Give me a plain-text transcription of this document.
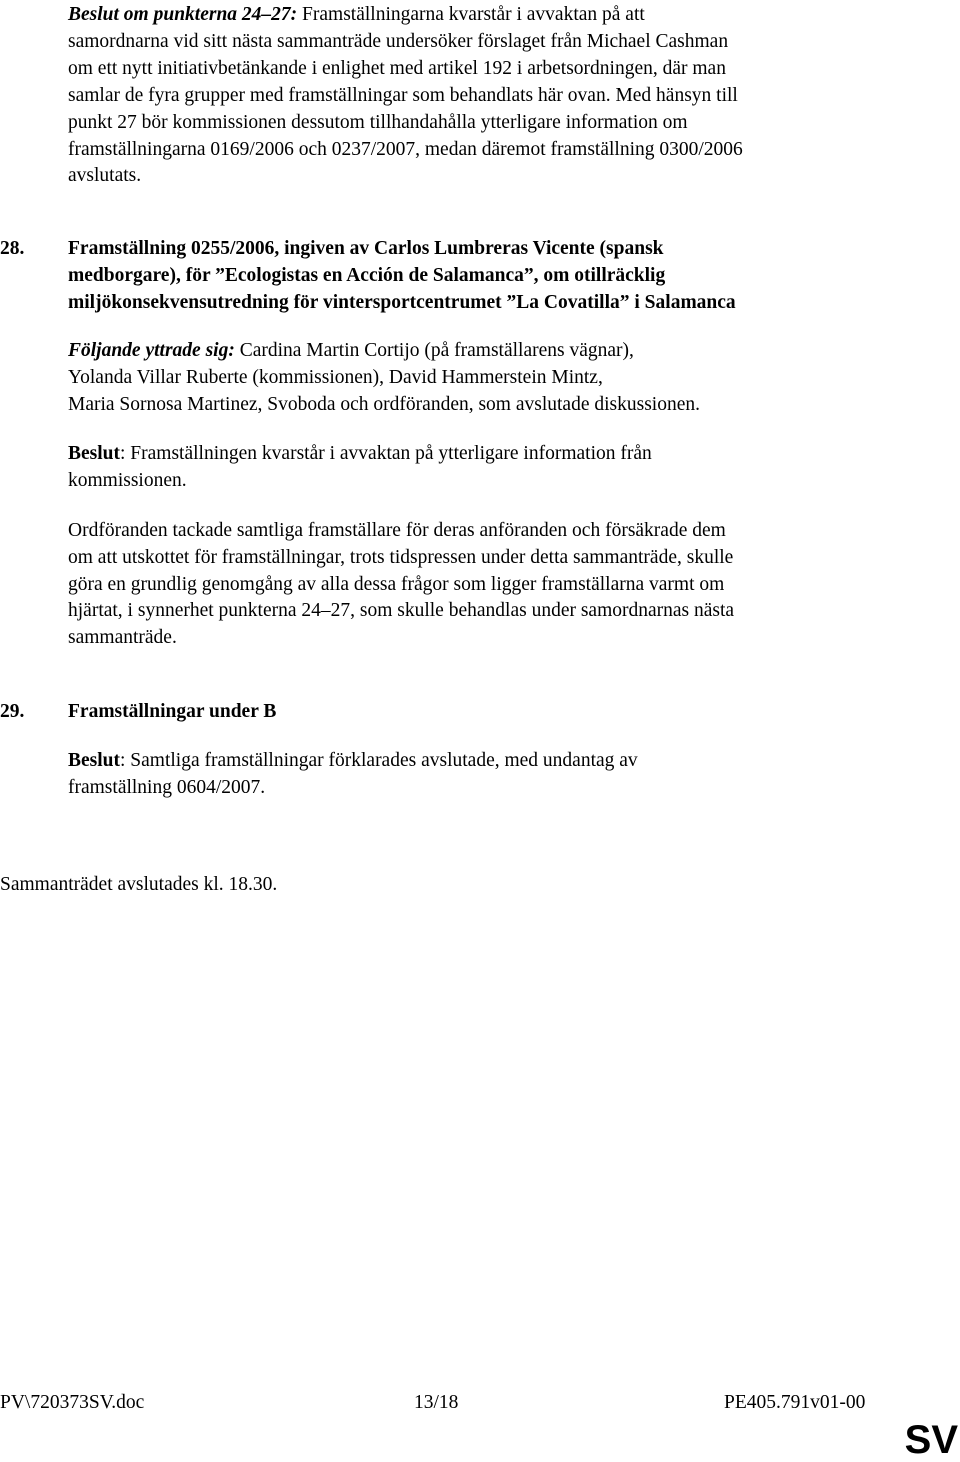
Beslut om punkterna 24–27: Framställningarna kvarstår i avvaktan på att
samordnarna vid sitt nästa sammanträde undersöker förslaget från Michael Cashman
om ett nytt initiativbetänkande i enlighet med artikel 192 i arbetsordningen, där man
samlar de fyra grupper med framställningar som behandlats här ovan. Med hänsyn till
punkt 27 bör kommissionen dessutom tillhandahålla ytterligare information om
framställningarna 0169/2006 och 0237/2007, medan däremot framställning 0300/2006
avslutats.
28. Framställning 0255/2006, ingiven av Carlos Lumbreras Vicente (spansk
medborgare), för ”Ecologistas en Acción de Salamanca”, om otillräcklig
miljökonsekvensutredning för vintersportcentrumet ”La Covatilla” i Salamanca
Följande yttrade sig: Cardina Martin Cortijo (på framställarens vägnar),
Yolanda Villar Ruberte (kommissionen), David Hammerstein Mintz,
Maria Sornosa Martinez, Svoboda och ordföranden, som avslutade diskussionen.
Beslut: Framställningen kvarstår i avvaktan på ytterligare information från
kommissionen.
Ordföranden tackade samtliga framställare för deras anföranden och försäkrade dem
om att utskottet för framställningar, trots tidspressen under detta sammanträde, skulle
göra en grundlig genomgång av alla dessa frågor som ligger framställarna varmt om
hjärtat, i synnerhet punkterna 24–27, som skulle behandlas under samordnarnas nästa
sammanträde.
29. Framställningar under B
Beslut: Samtliga framställningar förklarades avslutade, med undantag av
framställning 0604/2007.
Sammanträdet avslutades kl. 18.30.
PV\720373SV.doc	13/18	PE405.791v01-00
SV
